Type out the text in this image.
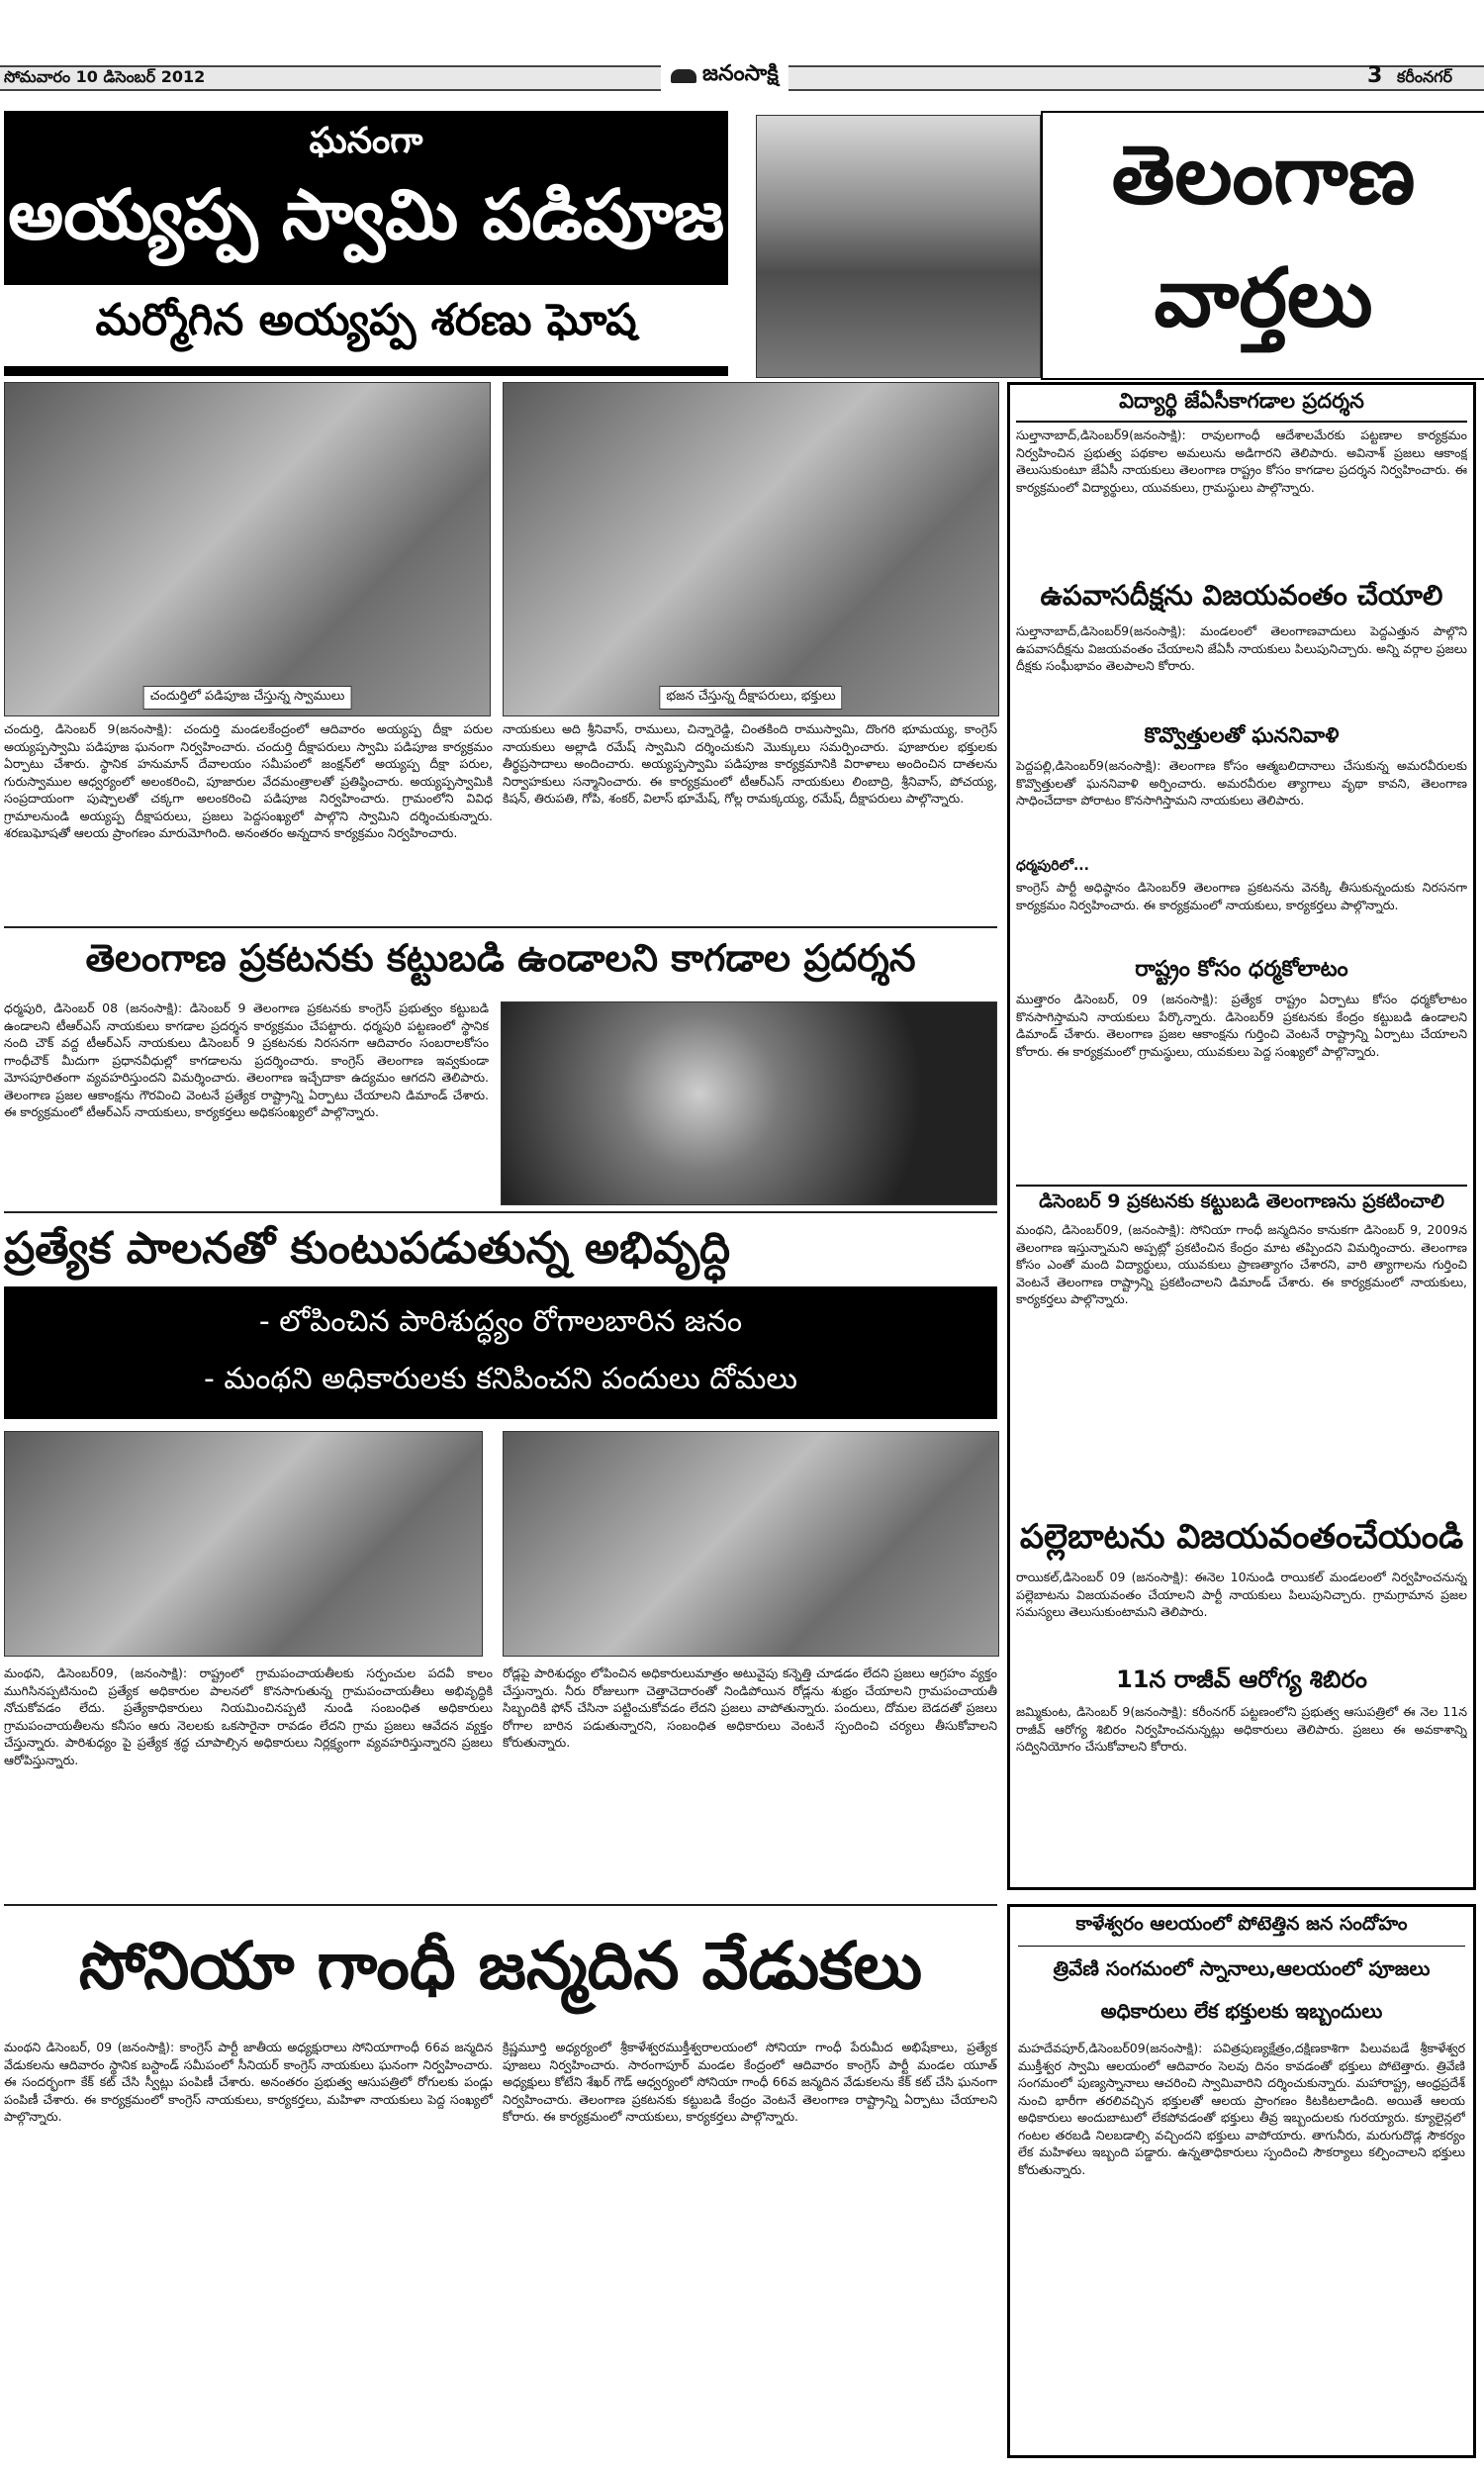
సోమవారం 10 డిసెంబర్ 2012	జనంసాక్షి	3 కరీంనగర్
ఘనంగా
అయ్యప్ప స్వామి పడిపూజ
మర్మోగిన అయ్యప్ప శరణు ఘోష
తెలంగాణ
వార్తలు
చందుర్తిలో పడిపూజ చేస్తున్న స్వాములు	భజన చేస్తున్న దీక్షాపరులు, భక్తులు
చందుర్తి, డిసెంబర్‌ 9(జనంసాక్షి): చందుర్తి మండలకేంద్రంలో ఆదివారం అయ్యప్ప దీక్షా పరుల అయ్యప్పస్వామి పడిపూజ ఘనంగా నిర్వహించారు. చందుర్తి దీక్షాపరులు స్వామి పడిపూజ కార్యక్రమం ఏర్పాటు చేశారు. స్థానిక హనుమాన్‌ దేవాలయం సమీపంలో జంక్షన్‌లో అయ్యప్ప దీక్షా పరుల, గురుస్వాముల ఆధ్వర్యంలో అలంకరించి, పూజారుల వేదమంత్రాలతో ప్రతిష్ఠించారు. అయ్యప్పస్వామికి సంప్రదాయంగా పుష్పాలతో చక్కగా అలంకరించి పడిపూజ నిర్వహించారు. గ్రామంలోని వివిధ గ్రామాలనుండి అయ్యప్ప దీక్షాపరులు, ప్రజలు పెద్దసంఖ్యలో పాల్గొని స్వామిని దర్శించుకున్నారు. శరణుఘోషతో ఆలయ ప్రాంగణం మారుమోగింది. అనంతరం అన్నదాన కార్యక్రమం నిర్వహించారు.
నాయకులు అది శ్రీనివాస్‌, రాములు, చిన్నారెడ్డి, చింతకింది రాముస్వామి, దొంగరి భూమయ్య, కాంగ్రెస్‌ నాయకులు అల్లాడి రమేష్‌ స్వామిని దర్శించుకుని మొక్కులు సమర్పించారు. పూజారుల భక్తులకు తీర్థప్రసాదాలు అందించారు. అయ్యప్పస్వామి పడిపూజ కార్యక్రమానికి విరాళాలు అందించిన దాతలను నిర్వాహకులు సన్మానించారు. ఈ కార్యక్రమంలో టీఆర్‌ఎస్‌ నాయకులు లింబాద్రి, శ్రీనివాస్‌, పోచయ్య, కిషన్‌, తిరుపతి, గోపి, శంకర్‌, విలాస్‌ భూమేష్‌, గోల్ల రామక్కయ్య, రమేష్‌, దీక్షాపరులు పాల్గొన్నారు.
తెలంగాణ ప్రకటనకు కట్టుబడి ఉండాలని కాగడాల ప్రదర్శన
ధర్మపురి, డిసెంబర్‌ 08 (జనంసాక్షి): డిసెంబర్‌ 9 తెలంగాణ ప్రకటనకు కాంగ్రెస్‌ ప్రభుత్వం కట్టుబడి ఉండాలని టీఆర్‌ఎస్‌ నాయకులు కాగడాల ప్రదర్శన కార్యక్రమం చేపట్టారు. ధర్మపురి పట్టణంలో స్థానిక నంది చౌక్‌ వద్ద టీఆర్‌ఎస్‌ నాయకులు డిసెంబర్‌ 9 ప్రకటనకు నిరసనగా ఆదివారం సంబరాలకోసం గాంధీచౌక్‌ మీదుగా ప్రధానవీధుల్లో కాగడాలను ప్రదర్శించారు. కాంగ్రెస్‌ తెలంగాణ ఇవ్వకుండా మోసపూరితంగా వ్యవహరిస్తుందని విమర్శించారు. తెలంగాణ ఇచ్చేదాకా ఉద్యమం ఆగదని తెలిపారు. తెలంగాణ ప్రజల ఆకాంక్షను గౌరవించి వెంటనే ప్రత్యేక రాష్ట్రాన్ని ఏర్పాటు చేయాలని డిమాండ్‌ చేశారు. ఈ కార్యక్రమంలో టీఆర్‌ఎస్‌ నాయకులు, కార్యకర్తలు అధికసంఖ్యలో పాల్గొన్నారు.
ప్రత్యేక పాలనతో కుంటుపడుతున్న అభివృద్ధి
- లోపించిన పారిశుద్ధ్యం రోగాలబారిన జనం
- మంథని అధికారులకు కనిపించని పందులు దోమలు
మంథని, డిసెంబర్‌09, (జనంసాక్షి): రాష్ట్రంలో గ్రామపంచాయతీలకు సర్పంచుల పదవీ కాలం ముగిసినప్పటినుంచి ప్రత్యేక అధికారుల పాలనలో కొనసాగుతున్న గ్రామపంచాయతీలు అభివృద్ధికి నోచుకోవడం లేదు. ప్రత్యేకాధికారులు నియమించినప్పటి నుండి సంబంధిత అధికారులు గ్రామపంచాయతీలను కనీసం ఆరు నెలలకు ఒకసారైనా రావడం లేదని గ్రామ ప్రజలు ఆవేదన వ్యక్తం చేస్తున్నారు. పారిశుధ్యం పై ప్రత్యేక శ్రద్ధ చూపాల్సిన అధికారులు నిర్లక్ష్యంగా వ్యవహరిస్తున్నారని ప్రజలు ఆరోపిస్తున్నారు.
రోడ్లపై పారిశుధ్యం లోపించిన అధికారులుమాత్రం అటువైపు కన్నెత్తి చూడడం లేదని ప్రజలు ఆగ్రహం వ్యక్తం చేస్తున్నారు. నీరు రోజులుగా చెత్తాచెదారంతో నిండిపోయిన రోడ్లను శుభ్రం చేయాలని గ్రామపంచాయతీ సిబ్బందికి ఫోన్‌ చేసినా పట్టించుకోవడం లేదని ప్రజలు వాపోతున్నారు. పందులు, దోమల బెడదతో ప్రజలు రోగాల బారిన పడుతున్నారని, సంబంధిత అధికారులు వెంటనే స్పందించి చర్యలు తీసుకోవాలని కోరుతున్నారు.
విద్యార్థి జేఏసీకాగడాల ప్రదర్శన
సుల్తానాబాద్‌,డిసెంబర్‌9(జనంసాక్షి): రావులగాంధీ ఆదేశాలమేరకు పట్టణాల కార్యక్రమం నిర్వహించిన ప్రభుత్వ పథకాల అమలును అడిగారని తెలిపారు. అవినాశ్‌ ప్రజలు ఆకాంక్ష తెలుసుకుంటూ జేఏసీ నాయకులు తెలంగాణ రాష్ట్రం కోసం కాగడాల ప్రదర్శన నిర్వహించారు. ఈ కార్యక్రమంలో విద్యార్థులు, యువకులు, గ్రామస్థులు పాల్గొన్నారు.
ఉపవాసదీక్షను విజయవంతం చేయాలి
సుల్తానాబాద్‌,డిసెంబర్‌9(జనంసాక్షి): మండలంలో తెలంగాణవాదులు పెద్దఎత్తున పాల్గొని ఉపవాసదీక్షను విజయవంతం చేయాలని జేఏసీ నాయకులు పిలుపునిచ్చారు. అన్ని వర్గాల ప్రజలు దీక్షకు సంఘీభావం తెలపాలని కోరారు.
కొవ్వొత్తులతో ఘననివాళి
పెద్దపల్లి,డిసెంబర్‌9(జనంసాక్షి): తెలంగాణ కోసం ఆత్మబలిదానాలు చేసుకున్న అమరవీరులకు కొవ్వొత్తులతో ఘననివాళి అర్పించారు. అమరవీరుల త్యాగాలు వృథా కావని, తెలంగాణ సాధించేదాకా పోరాటం కొనసాగిస్తామని నాయకులు తెలిపారు.
ధర్మపురిలో...
కాంగ్రెస్‌ పార్టీ అధిష్ఠానం డిసెంబర్‌9 తెలంగాణ ప్రకటనను వెనక్కి తీసుకున్నందుకు నిరసనగా కార్యక్రమం నిర్వహించారు. ఈ కార్యక్రమంలో నాయకులు, కార్యకర్తలు పాల్గొన్నారు.
రాష్ట్రం కోసం ధర్మకోలాటం
ముత్తారం డిసెంబర్‌, 09 (జనంసాక్షి): ప్రత్యేక రాష్ట్రం ఏర్పాటు కోసం ధర్మకోలాటం కొనసాగిస్తామని నాయకులు పేర్కొన్నారు. డిసెంబర్‌9 ప్రకటనకు కేంద్రం కట్టుబడి ఉండాలని డిమాండ్‌ చేశారు. తెలంగాణ ప్రజల ఆకాంక్షను గుర్తించి వెంటనే రాష్ట్రాన్ని ఏర్పాటు చేయాలని కోరారు. ఈ కార్యక్రమంలో గ్రామస్థులు, యువకులు పెద్ద సంఖ్యలో పాల్గొన్నారు.
డిసెంబర్‌ 9 ప్రకటనకు కట్టుబడి తెలంగాణను ప్రకటించాలి
మంథని, డిసెంబర్‌09, (జనంసాక్షి): సోనియా గాంధీ జన్మదినం కానుకగా డిసెంబర్‌ 9, 2009న తెలంగాణ ఇస్తున్నామని అప్పట్లో ప్రకటించిన కేంద్రం మాట తప్పిందని విమర్శించారు. తెలంగాణ కోసం ఎంతో మంది విద్యార్థులు, యువకులు ప్రాణత్యాగం చేశారని, వారి త్యాగాలను గుర్తించి వెంటనే తెలంగాణ రాష్ట్రాన్ని ప్రకటించాలని డిమాండ్‌ చేశారు. ఈ కార్యక్రమంలో నాయకులు, కార్యకర్తలు పాల్గొన్నారు.
పల్లెబాటను విజయవంతంచేయండి
రాయికల్‌,డిసెంబర్‌ 09 (జనంసాక్షి): ఈనెల 10నుండి రాయికల్‌ మండలంలో నిర్వహించనున్న పల్లెబాటను విజయవంతం చేయాలని పార్టీ నాయకులు పిలుపునిచ్చారు. గ్రామగ్రామాన ప్రజల సమస్యలు తెలుసుకుంటామని తెలిపారు.
11న రాజీవ్‌ ఆరోగ్య శిబిరం
జమ్మికుంట, డిసెంబర్‌ 9(జనంసాక్షి): కరీంనగర్‌ పట్టణంలోని ప్రభుత్వ ఆసుపత్రిలో ఈ నెల 11న రాజీవ్‌ ఆరోగ్య శిబిరం నిర్వహించనున్నట్లు అధికారులు తెలిపారు. ప్రజలు ఈ అవకాశాన్ని సద్వినియోగం చేసుకోవాలని కోరారు.
సోనియా గాంధీ జన్మదిన వేడుకలు
మంథని డిసెంబర్‌, 09 (జనంసాక్షి): కాంగ్రెస్‌ పార్టీ జాతీయ అధ్యక్షురాలు సోనియాగాంధీ 66వ జన్మదిన వేడుకలను ఆదివారం స్థానిక బస్టాండ్‌ సమీపంలో సీనియర్‌ కాంగ్రెస్‌ నాయకులు ఘనంగా నిర్వహించారు. ఈ సందర్భంగా కేక్‌ కట్‌ చేసి స్వీట్లు పంపిణీ చేశారు. అనంతరం ప్రభుత్వ ఆసుపత్రిలో రోగులకు పండ్లు పంపిణీ చేశారు. ఈ కార్యక్రమంలో కాంగ్రెస్‌ నాయకులు, కార్యకర్తలు, మహిళా నాయకులు పెద్ద సంఖ్యలో పాల్గొన్నారు.
క్రిష్ణమూర్తి అధ్యర్యంలో శ్రీకాళేశ్వరముక్తీశ్వరాలయంలో సోనియా గాంధీ పేరుమీద అభిషేకాలు, ప్రత్యేక పూజలు నిర్వహించారు. సారంగాపూర్‌ మండల కేంద్రంలో ఆదివారం కాంగ్రెస్‌ పార్టీ మండల యూత్‌ అధ్యక్షులు కోటేని శేఖర్‌ గౌడ్‌ ఆధ్వర్యంలో సోనియా గాంధీ 66వ జన్మదిన వేడుకలను కేక్‌ కట్‌ చేసి ఘనంగా నిర్వహించారు. తెలంగాణ ప్రకటనకు కట్టుబడి కేంద్రం వెంటనే తెలంగాణ రాష్ట్రాన్ని ఏర్పాటు చేయాలని కోరారు. ఈ కార్యక్రమంలో నాయకులు, కార్యకర్తలు పాల్గొన్నారు.
కాళేశ్వరం ఆలయంలో పోటెత్తిన జన సందోహం
త్రివేణి సంగమంలో స్నానాలు,ఆలయంలో పూజలు
అధికారులు లేక భక్తులకు ఇబ్బందులు
మహదేవపూర్‌,డిసెంబర్‌09(జనంసాక్షి): పవిత్రపుణ్యక్షేత్రం,దక్షిణకాశిగా పిలువబడే శ్రీకాళేశ్వర ముక్తీశ్వర స్వామి ఆలయంలో ఆదివారం సెలవు దినం కావడంతో భక్తులు పోటెత్తారు. త్రివేణి సంగమంలో పుణ్యస్నానాలు ఆచరించి స్వామివారిని దర్శించుకున్నారు. మహారాష్ట్ర, ఆంధ్రప్రదేశ్‌ నుంచి భారీగా తరలివచ్చిన భక్తులతో ఆలయ ప్రాంగణం కిటకిటలాడింది. అయితే ఆలయ అధికారులు అందుబాటులో లేకపోవడంతో భక్తులు తీవ్ర ఇబ్బందులకు గురయ్యారు. క్యూలైన్లలో గంటల తరబడి నిలబడాల్సి వచ్చిందని భక్తులు వాపోయారు. తాగునీరు, మరుగుదొడ్ల సౌకర్యం లేక మహిళలు ఇబ్బంది పడ్డారు. ఉన్నతాధికారులు స్పందించి సౌకర్యాలు కల్పించాలని భక్తులు కోరుతున్నారు.
